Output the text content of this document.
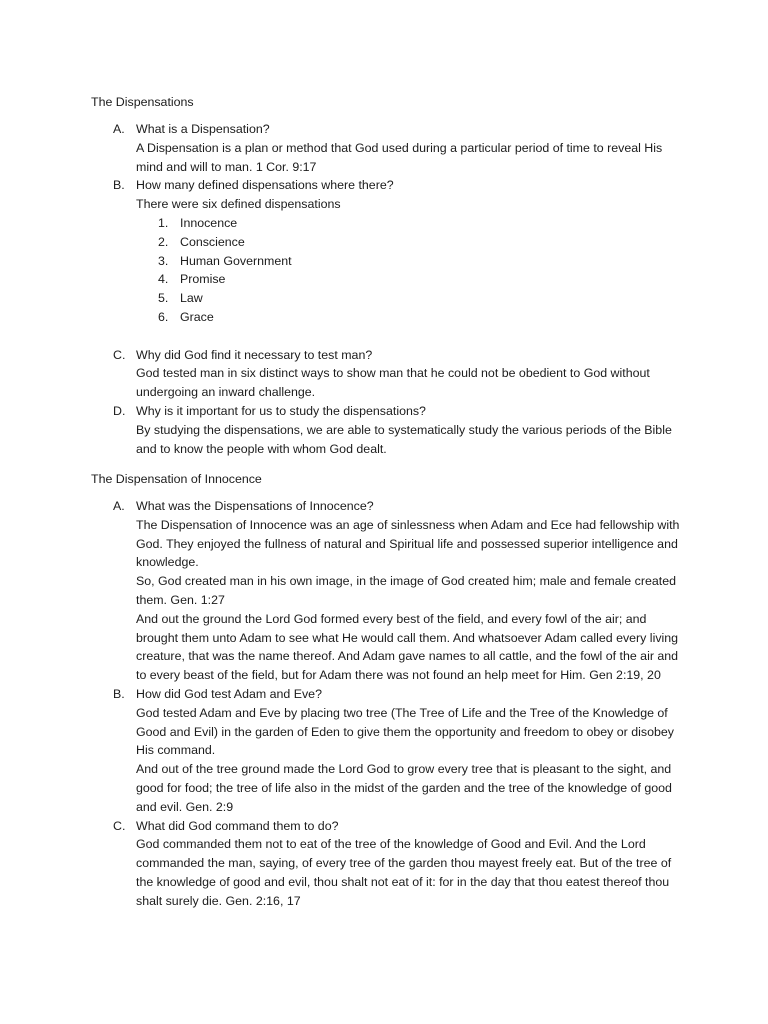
The Dispensations
A. What is a Dispensation?
A Dispensation is a plan or method that God used during a particular period of time to reveal His mind and will to man. 1 Cor. 9:17
B. How many defined dispensations where there?
There were six defined dispensations
1. Innocence
2. Conscience
3. Human Government
4. Promise
5. Law
6. Grace
C. Why did God find it necessary to test man?
God tested man in six distinct ways to show man that he could not be obedient to God without undergoing an inward challenge.
D. Why is it important for us to study the dispensations?
By studying the dispensations, we are able to systematically study the various periods of the Bible and to know the people with whom God dealt.
The Dispensation of Innocence
A. What was the Dispensations of Innocence?
The Dispensation of Innocence was an age of sinlessness when Adam and Ece had fellowship with God. They enjoyed the fullness of natural and Spiritual life and possessed superior intelligence and knowledge.
So, God created man in his own image, in the image of God created him; male and female created them. Gen. 1:27
And out the ground the Lord God formed every best of the field, and every fowl of the air; and brought them unto Adam to see what He would call them. And whatsoever Adam called every living creature, that was the name thereof. And Adam gave names to all cattle, and the fowl of the air and to every beast of the field, but for Adam there was not found an help meet for Him. Gen 2:19, 20
B. How did God test Adam and Eve?
God tested Adam and Eve by placing two tree (The Tree of Life and the Tree of the Knowledge of Good and Evil) in the garden of Eden to give them the opportunity and freedom to obey or disobey His command.
And out of the tree ground made the Lord God to grow every tree that is pleasant to the sight, and good for food; the tree of life also in the midst of the garden and the tree of the knowledge of good and evil. Gen. 2:9
C. What did God command them to do?
God commanded them not to eat of the tree of the knowledge of Good and Evil. And the Lord commanded the man, saying, of every tree of the garden thou mayest freely eat. But of the tree of the knowledge of good and evil, thou shalt not eat of it: for in the day that thou eatest thereof thou shalt surely die. Gen. 2:16, 17
